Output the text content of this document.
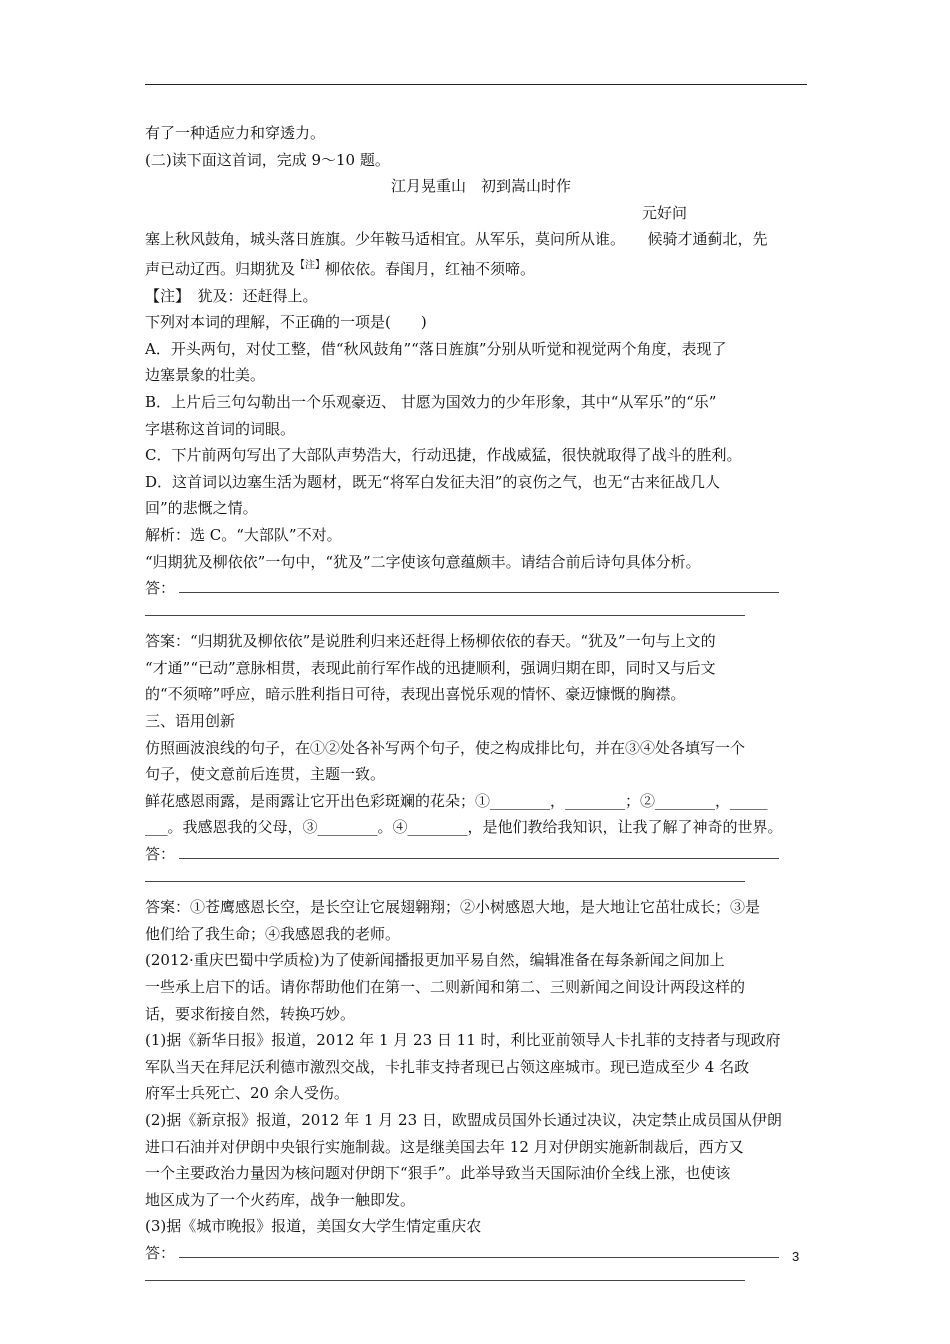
有了一种适应力和穿透力。

(二)读下面这首词，完成 9～10 题。

江月晃重山　初到嵩山时作

元好问

塞上秋风鼓角，城头落日旌旗。少年鞍马适相宜。从军乐，莫问所从谁。　　候骑才通蓟北，先

声已动辽西。归期犹及$^{【注】}$柳依依。春闺月，红袖不须啼。

【注】　犹及：还赶得上。

下列对本词的理解，不正确的一项是(　　)

A．开头两句，对仗工整，借“秋风鼓角”“落日旌旗”分别从听觉和视觉两个角度，表现了

边塞景象的壮美。

B．上片后三句勾勒出一个乐观豪迈、 甘愿为国效力的少年形象，其中“从军乐”的“乐”

字堪称这首词的词眼。

C．下片前两句写出了大部队声势浩大，行动迅捷，作战威猛，很快就取得了战斗的胜利。

D．这首词以边塞生活为题材，既无“将军白发征夫泪”的哀伤之气，也无“古来征战几人

回”的悲慨之情。

解析：选 C。“大部队”不对。

“归期犹及柳依依”一句中，“犹及”二字使该句意蕴颇丰。请结合前后诗句具体分析。

答：

答案：“归期犹及柳依依”是说胜利归来还赶得上杨柳依依的春天。“犹及”一句与上文的

“才通”“已动”意脉相贯，表现此前行军作战的迅捷顺利，强调归期在即，同时又与后文

的“不须啼”呼应，暗示胜利指日可待，表现出喜悦乐观的情怀、豪迈慷慨的胸襟。

三、语用创新

仿照画波浪线的句子，在①②处各补写两个句子，使之构成排比句，并在③④处各填写一个

句子，使文意前后连贯，主题一致。

鲜花感恩雨露，是雨露让它开出色彩斑斓的花朵；①________，________；②________，_____

___。我感恩我的父母，③________。④________，是他们教给我知识，让我了解了神奇的世界。

答：

答案：①苍鹰感恩长空，是长空让它展翅翱翔；②小树感恩大地，是大地让它茁壮成长；③是

他们给了我生命；④我感恩我的老师。

(2012·重庆巴蜀中学质检)为了使新闻播报更加平易自然，编辑准备在每条新闻之间加上

一些承上启下的话。请你帮助他们在第一、二则新闻和第二、三则新闻之间设计两段这样的

话，要求衔接自然，转换巧妙。

(1)据《新华日报》报道，2012 年 1 月 23 日 11 时，利比亚前领导人卡扎菲的支持者与现政府

军队当天在拜尼沃利德市激烈交战，卡扎菲支持者现已占领这座城市。现已造成至少 4 名政

府军士兵死亡、20 余人受伤。

(2)据《新京报》报道，2012 年 1 月 23 日，欧盟成员国外长通过决议，决定禁止成员国从伊朗

进口石油并对伊朗中央银行实施制裁。这是继美国去年 12 月对伊朗实施新制裁后，西方又

一个主要政治力量因为核问题对伊朗下“狠手”。此举导致当天国际油价全线上涨，也使该

地区成为了一个火药库，战争一触即发。

(3)据《城市晚报》报道，美国女大学生情定重庆农

答：	3
